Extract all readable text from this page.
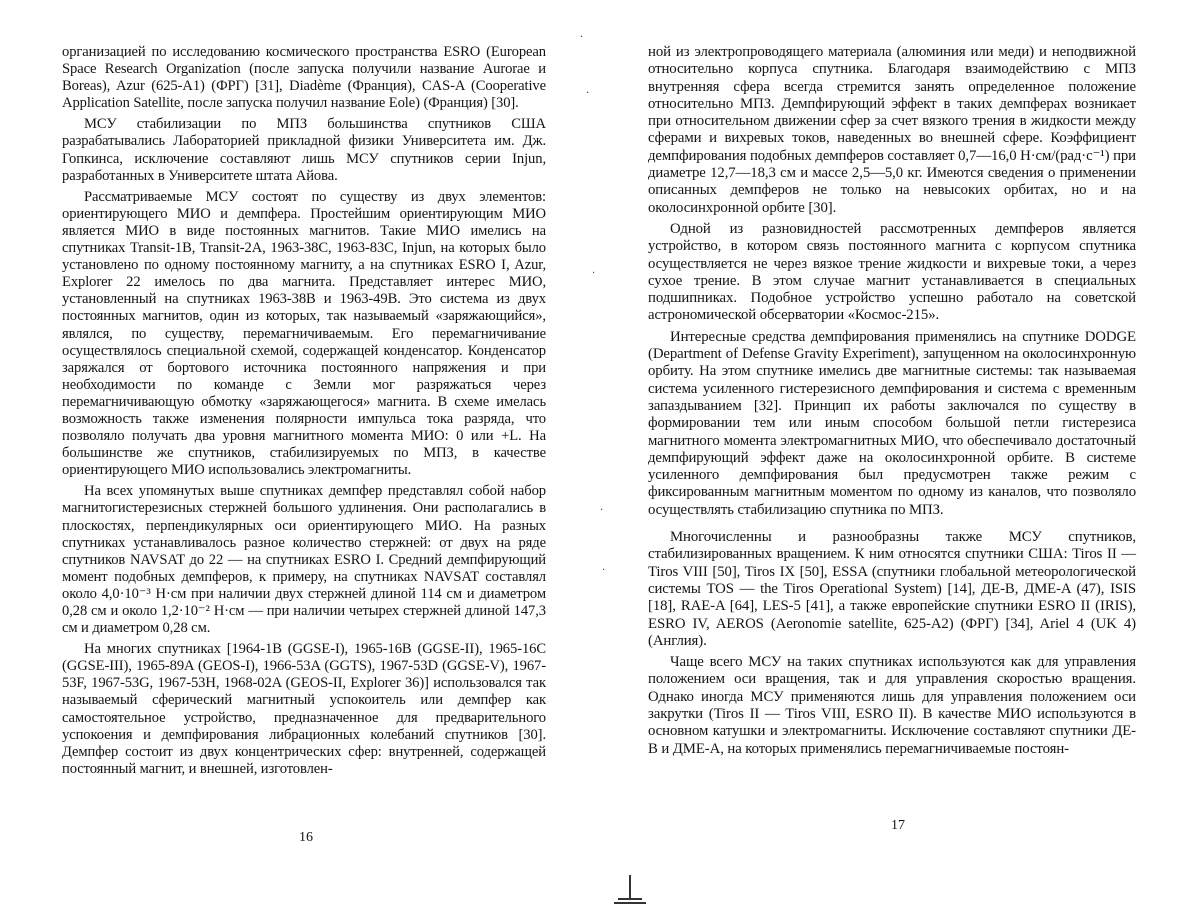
организацией по исследованию космического пространства ESRO (European Space Research Organization (после запуска получили название Aurorae и Boreas), Azur (625-A1) (ФРГ) [31], Diadème (Франция), CAS-A (Cooperative Application Satellite, после запуска получил название Eole) (Франция) [30].

МСУ стабилизации по МПЗ большинства спутников США разрабатывались Лабораторией прикладной физики Университета им. Дж. Гопкинса, исключение составляют лишь МСУ спутников серии Injun, разработанных в Университете штата Айова.

Рассматриваемые МСУ состоят по существу из двух элементов: ориентирующего МИО и демпфера. Простейшим ориентирующим МИО является МИО в виде постоянных магнитов. Такие МИО имелись на спутниках Transit-1B, Transit-2A, 1963-38C, 1963-83C, Injun, на которых было установлено по одному постоянному магниту, а на спутниках ESRO I, Azur, Explorer 22 имелось по два магнита. Представляет интерес МИО, установленный на спутниках 1963-38B и 1963-49B. Это система из двух постоянных магнитов, один из которых, так называемый «заряжающийся», являлся, по существу, перемагничиваемым. Его перемагничивание осуществлялось специальной схемой, содержащей конденсатор. Конденсатор заряжался от бортового источника постоянного напряжения и при необходимости по команде с Земли мог разряжаться через перемагничивающую обмотку «заряжающегося» магнита. В схеме имелась возможность также изменения полярности импульса тока разряда, что позволяло получать два уровня магнитного момента МИО: 0 или +L. На большинстве же спутников, стабилизируемых по МПЗ, в качестве ориентирующего МИО использовались электромагниты.

На всех упомянутых выше спутниках демпфер представлял собой набор магнитогистерезисных стержней большого удлинения. Они располагались в плоскостях, перпендикулярных оси ориентирующего МИО. На разных спутниках устанавливалось разное количество стержней: от двух на ряде спутников NAVSAT до 22 — на спутниках ESRO I. Средний демпфирующий момент подобных демпферов, к примеру, на спутниках NAVSAT составлял около 4,0·10⁻³ Н·см при наличии двух стержней длиной 114 см и диаметром 0,28 см и около 1,2·10⁻² Н·см — при наличии четырех стержней длиной 147,3 см и диаметром 0,28 см.

На многих спутниках [1964-1B (GGSE-I), 1965-16B (GGSE-II), 1965-16C (GGSE-III), 1965-89A (GEOS-I), 1966-53A (GGTS), 1967-53D (GGSE-V), 1967-53F, 1967-53G, 1967-53H, 1968-02A (GEOS-II, Explorer 36)] использовался так называемый сферический магнитный успокоитель или демпфер как самостоятельное устройство, предназначенное для предварительного успокоения и демпфирования либрационных колебаний спутников [30]. Демпфер состоит из двух концентрических сфер: внутренней, содержащей постоянный магнит, и внешней, изготовлен-

16
·
·
·
·
·

ной из электропроводящего материала (алюминия или меди) и неподвижной относительно корпуса спутника. Благодаря взаимодействию с МПЗ внутренняя сфера всегда стремится занять определенное положение относительно МПЗ. Демпфирующий эффект в таких демпферах возникает при относительном движении сфер за счет вязкого трения в жидкости между сферами и вихревых токов, наведенных во внешней сфере. Коэффициент демпфирования подобных демпферов составляет 0,7—16,0 Н·см/(рад·с⁻¹) при диаметре 12,7—18,3 см и массе 2,5—5,0 кг. Имеются сведения о применении описанных демпферов не только на невысоких орбитах, но и на околосинхронной орбите [30].

Одной из разновидностей рассмотренных демпферов является устройство, в котором связь постоянного магнита с корпусом спутника осуществляется не через вязкое трение жидкости и вихревые токи, а через сухое трение. В этом случае магнит устанавливается в специальных подшипниках. Подобное устройство успешно работало на советской астрономической обсерватории «Космос-215».

Интересные средства демпфирования применялись на спутнике DODGE (Department of Defense Gravity Experiment), запущенном на околосинхронную орбиту. На этом спутнике имелись две магнитные системы: так называемая система усиленного гистерезисного демпфирования и система с временным запаздыванием [32]. Принцип их работы заключался по существу в формировании тем или иным способом большой петли гистерезиса магнитного момента электромагнитных МИО, что обеспечивало достаточный демпфирующий эффект даже на околосинхронной орбите. В системе усиленного демпфирования был предусмотрен также режим с фиксированным магнитным моментом по одному из каналов, что позволяло осуществлять стабилизацию спутника по МПЗ.

Многочисленны и разнообразны также МСУ спутников, стабилизированных вращением. К ним относятся спутники США: Tiros II — Tiros VIII [50], Tiros IX [50], ESSA (спутники глобальной метеорологической системы TOS — the Tiros Operational System) [14], ДЕ-B, ДМЕ-A (47), ISIS [18], RAE-A [64], LES-5 [41], а также европейские спутники ESRO II (IRIS), ESRO IV, AEROS (Aeronomie satellite, 625-A2) (ФРГ) [34], Ariel 4 (UK 4) (Англия).

Чаще всего МСУ на таких спутниках используются как для управления положением оси вращения, так и для управления скоростью вращения. Однако иногда МСУ применяются лишь для управления положением оси закрутки (Tiros II — Tiros VIII, ESRO II). В качестве МИО используются в основном катушки и электромагниты. Исключение составляют спутники ДЕ-B и ДМЕ-A, на которых применялись перемагничиваемые постоян-

17
